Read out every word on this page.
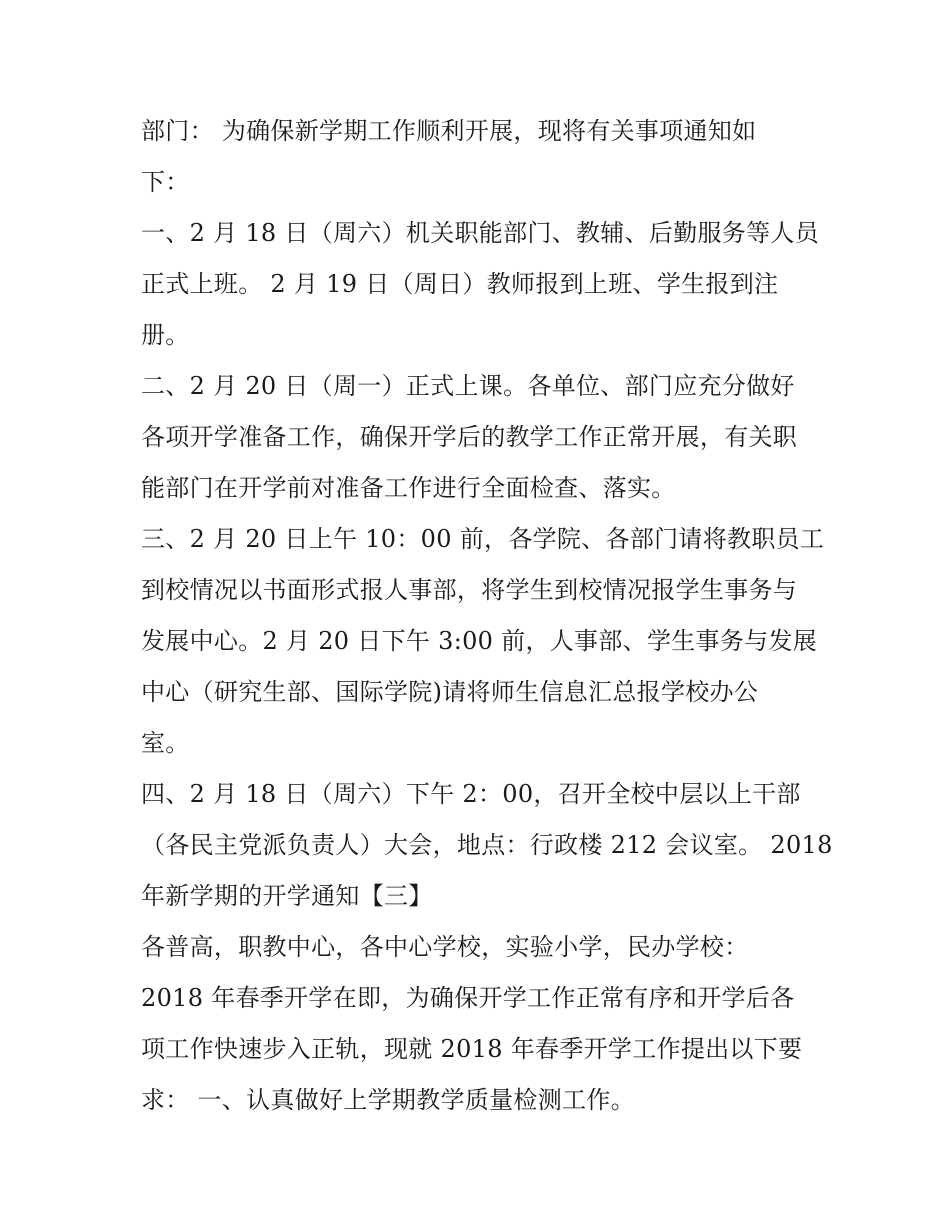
部门： 为确保新学期工作顺利开展，现将有关事项通知如
下：
一、2 月 18 日（周六）机关职能部门、教辅、后勤服务等人员
正式上班。 2 月 19 日（周日）教师报到上班、学生报到注
册。
二、2 月 20 日（周一）正式上课。各单位、部门应充分做好
各项开学准备工作，确保开学后的教学工作正常开展，有关职
能部门在开学前对准备工作进行全面检查、落实。
三、2 月 20 日上午 10：00 前，各学院、各部门请将教职员工
到校情况以书面形式报人事部，将学生到校情况报学生事务与
发展中心。2 月 20 日下午 3:00 前，人事部、学生事务与发展
中心（研究生部、国际学院)请将师生信息汇总报学校办公
室。
四、2 月 18 日（周六）下午 2：00，召开全校中层以上干部
（各民主党派负责人）大会，地点：行政楼 212 会议室。 2018
年新学期的开学通知【三】
各普高，职教中心，各中心学校，实验小学，民办学校：
2018 年春季开学在即，为确保开学工作正常有序和开学后各
项工作快速步入正轨，现就 2018 年春季开学工作提出以下要
求： 一、认真做好上学期教学质量检测工作。
